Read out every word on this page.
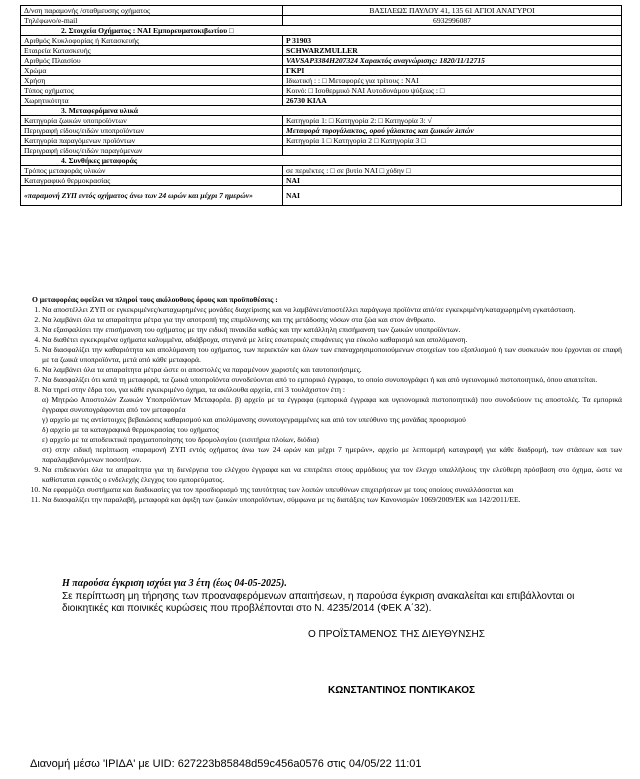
Δ/νση παραμονής /σταθμευσης οχήματος	ΒΑΣΙΛΕΩΣ ΠΑΥΛΟΥ 41, 135 61 ΑΓΙΟΙ ΑΝΑΓΥΡΟΙ
Τηλέφωνο/e-mail	6932996087
2. Στοιχεία Οχήματος : ΝΑΙ Εμπορευματοκιβωτίου □	
Αριθμός Κυκλοφορίας ή Κατασκευής	Ρ 31903
Εταιρεία Κατασκευής	SCHWARZMULLER
Αριθμός Πλαισίου	VAVSAP3384H207324 Χαρακτός αναγνώρισης: 1820/11/12715
Χρώμα	ΓΚΡΙ
Χρήση	Ιδιωτική : : □ Μεταφορές για τρίτους : ΝΑΙ
Τύπος οχήματος	Κοινό: □ Ισοθερμικό ΝΑΙ Αυτοδυνάμου ψύξεως : □
Χωρητικότητα	26730 ΚΙΛΑ
3. Μεταφερόμενα υλικά	
Κατηγορία ζωικών υποπροϊόντων	Κατηγορία 1: □ Κατηγορία 2: □ Κατηγορία 3: √
Περιγραφή είδους/ειδών υποπροϊόντων	Μεταφορά τυρογάλακτος, ορού γάλακτος και ζωικών λιπών
Κατηγορία παραγόμενων προϊόντων	Κατηγορία 1 □ Κατηγορία 2 □ Κατηγορία 3 □
Περιγραφή είδους/ειδών παραγόμενων	
4. Συνθήκες μεταφοράς	
Τρόπος μεταφοράς υλικών	σε περιέκτες : □ σε βυτίο ΝΑΙ □ χύδην □
Καταγραφικό θερμοκρασίας	ΝΑΙ
«παραμονή ΖΥΠ εντός οχήματος άνω των 24 ωρών και μέχρι 7 ημερών»	ΝΑΙ
Ο μεταφορέας οφείλει να πληροί τους ακόλουθους όρους και προϋποθέσεις :
1. Να αποστέλλει ΖΥΠ σε εγκεκριμένες/καταχωρημένες μονάδες διαχείρισης και να λαμβάνει/αποστέλλει παράγωγα προϊόντα από/σε εγκεκριμένη/καταχωρημένη εγκατάσταση.
2. Να λαμβάνει όλα τα απαραίτητα μέτρα για την αποτροπή της επιμόλυνσης και της μετάδοσης νόσων στα ζώα και στον άνθρωπο.
3. Να εξασφαλίσει την επισήμανση του οχήματος με την ειδική πινακίδα καθώς και την κατάλληλη επισήμανση των ζωικών υποπροϊόντων.
4. Να διαθέτει εγκεκριμένα οχήματα καλυμμένα, αδιάβροχα, στεγανά με λείες εσωτερικές επιφάνειες για εύκολο καθαρισμό και απολύμανση.
5. Να διασφαλίζει την καθαριότητα και απολύμανση του οχήματος, των περιεκτών και όλων των επαναχρησιμοποιούμενων στοιχείων του εξοπλισμού ή των συσκευών που έρχονται σε επαφή με τα ζωικά υποπροϊόντα, μετά από κάθε μεταφορά.
6. Να λαμβάνει όλα τα απαραίτητα μέτρα ώστε οι αποστολές να παραμένουν χωριστές και ταυτοποιήσιμες.
7. Να διασφαλίζει ότι κατά τη μεταφορά, τα ζωικά υποπροϊόντα συνοδεύονται από το εμπορικό έγγραφο, το οποίο συνυπογράφει ή και από υγειονομικό πιστοποιητικό, όπου απαιτείται.
8. Να τηρεί στην έδρα του, για κάθε εγκεκριμένο όχημα, τα ακόλουθα αρχεία, επί 3 τουλάχιστον έτη :
α) Μητρώο Αποστολών Ζωικών Υποπροϊόντων Μεταφορέα. β) αρχείο με τα έγγραφα (εμπορικά έγγραφα και υγειονομικά πιστοποιητικά) που συνοδεύουν τις αποστολές. Τα εμπορικά έγγραφα συνυπογράφονται από τον μεταφορέα
γ) αρχείο με τις αντίστοιχες βεβαιώσεις καθαρισμού και απολύμανσης συνυπογεγραμμένες και από τον υπεύθυνο της μονάδας προορισμού
δ) αρχείο με τα καταγραφικά θερμοκρασίας του οχήματος
ε) αρχείο με τα αποδεικτικά πραγματοποίησης του δρομολογίου (εισιτήρια πλοίων, διόδια)
στ) στην ειδική περίπτωση «παραμονή ΖΥΠ εντός οχήματος άνω των 24 ωρών και μέχρι 7 ημερών», αρχείο με λεπτομερή καταγραφή για κάθε διαδρομή, των στάσεων και των παραλαμβανόμενων ποσοτήτων.
9. Να επιδεικνύει όλα τα απαραίτητα για τη διενέργεια του ελέγχου έγγραφα και να επιτρέπει στους αρμόδιους για τον έλεγχο υπαλλήλους την ελεύθερη πρόσβαση στο όχημα, ώστε να καθίσταται εφικτός ο ενδελεχής έλεγχος του εμπορεύματος.
10. Να εφαρμόζει συστήματα και διαδικασίες για τον προσδιορισμό της ταυτότητας των λοιπών υπευθύνων επιχειρήσεων με τους οποίους συναλλάσσεται και
11. Να διασφαλίζει την παραλαβή, μεταφορά και άφιξη των ζωικών υποπροϊόντων, σύμφωνα με τις διατάξεις των Κανονισμών 1069/2009/ΕΚ και 142/2011/ΕΕ.
Η παρούσα έγκριση ισχύει για 3 έτη (έως 04-05-2025).
Σε περίπτωση μη τήρησης των προαναφερόμενων απαιτήσεων, η παρούσα έγκριση ανακαλείται και επιβάλλονται οι διοικητικές και ποινικές κυρώσεις που προβλέπονται στο Ν. 4235/2014 (ΦΕΚ Α΄32).
Ο ΠΡΟΪΣΤΑΜΕΝΟΣ ΤΗΣ ΔΙΕΥΘΥΝΣΗΣ
ΚΩΝΣΤΑΝΤΙΝΟΣ ΠΟΝΤΙΚΑΚΟΣ
Διανομή μέσω 'ΙΡΙΔΑ' με UID: 627223b85848d59c456a0576 στις 04/05/22 11:01
